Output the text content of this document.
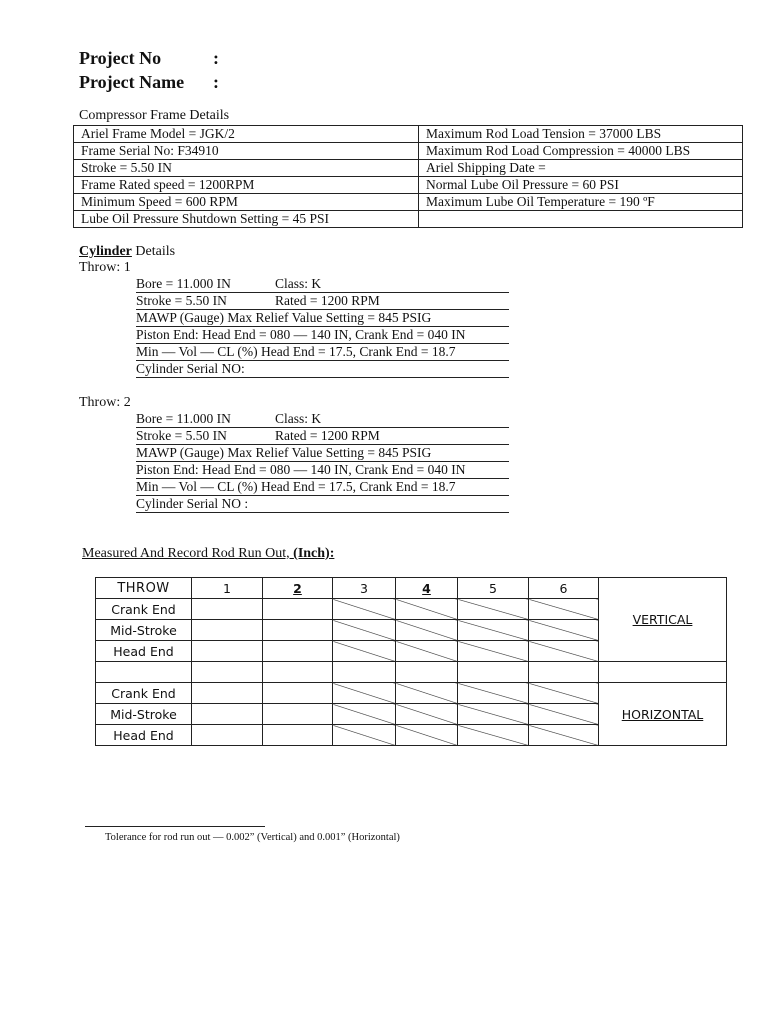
Project No	:
Project Name :
Compressor Frame Details
Ariel Frame Model = JGK/2	Maximum Rod Load Tension = 37000 LBS
Frame Serial No: F34910	Maximum Rod Load Compression = 40000 LBS
Stroke = 5.50 IN	Ariel Shipping Date =
Frame Rated speed = 1200RPM	Normal Lube Oil Pressure = 60 PSI
Minimum Speed = 600 RPM	Maximum Lube Oil Temperature = 190 ºF
Lube Oil Pressure Shutdown Setting = 45 PSI	
Cylinder Details
Throw: 1
Bore = 11.000 IN	Class: K
Stroke = 5.50 IN	Rated = 1200 RPM
MAWP (Gauge) Max Relief Value Setting = 845 PSIG
Piston End: Head End = 080 — 140 IN, Crank End = 040 IN
Min — Vol — CL (%) Head End = 17.5, Crank End = 18.7
Cylinder Serial NO:
Throw: 2
Bore = 11.000 IN	Class: K
Stroke = 5.50 IN	Rated = 1200 RPM
MAWP (Gauge) Max Relief Value Setting = 845 PSIG
Piston End: Head End = 080 — 140 IN, Crank End = 040 IN
Min — Vol — CL (%) Head End = 17.5, Crank End = 18.7
Cylinder Serial NO :
Measured And Record Rod Run Out, (Inch):
THROW	1	2	3	4	5	6	VERTICAL
Crank End							
Mid-Stroke							
Head End							

Crank End							HORIZONTAL
Mid-Stroke							
Head End							
Tolerance for rod run out — 0.002” (Vertical) and 0.001” (Horizontal)
